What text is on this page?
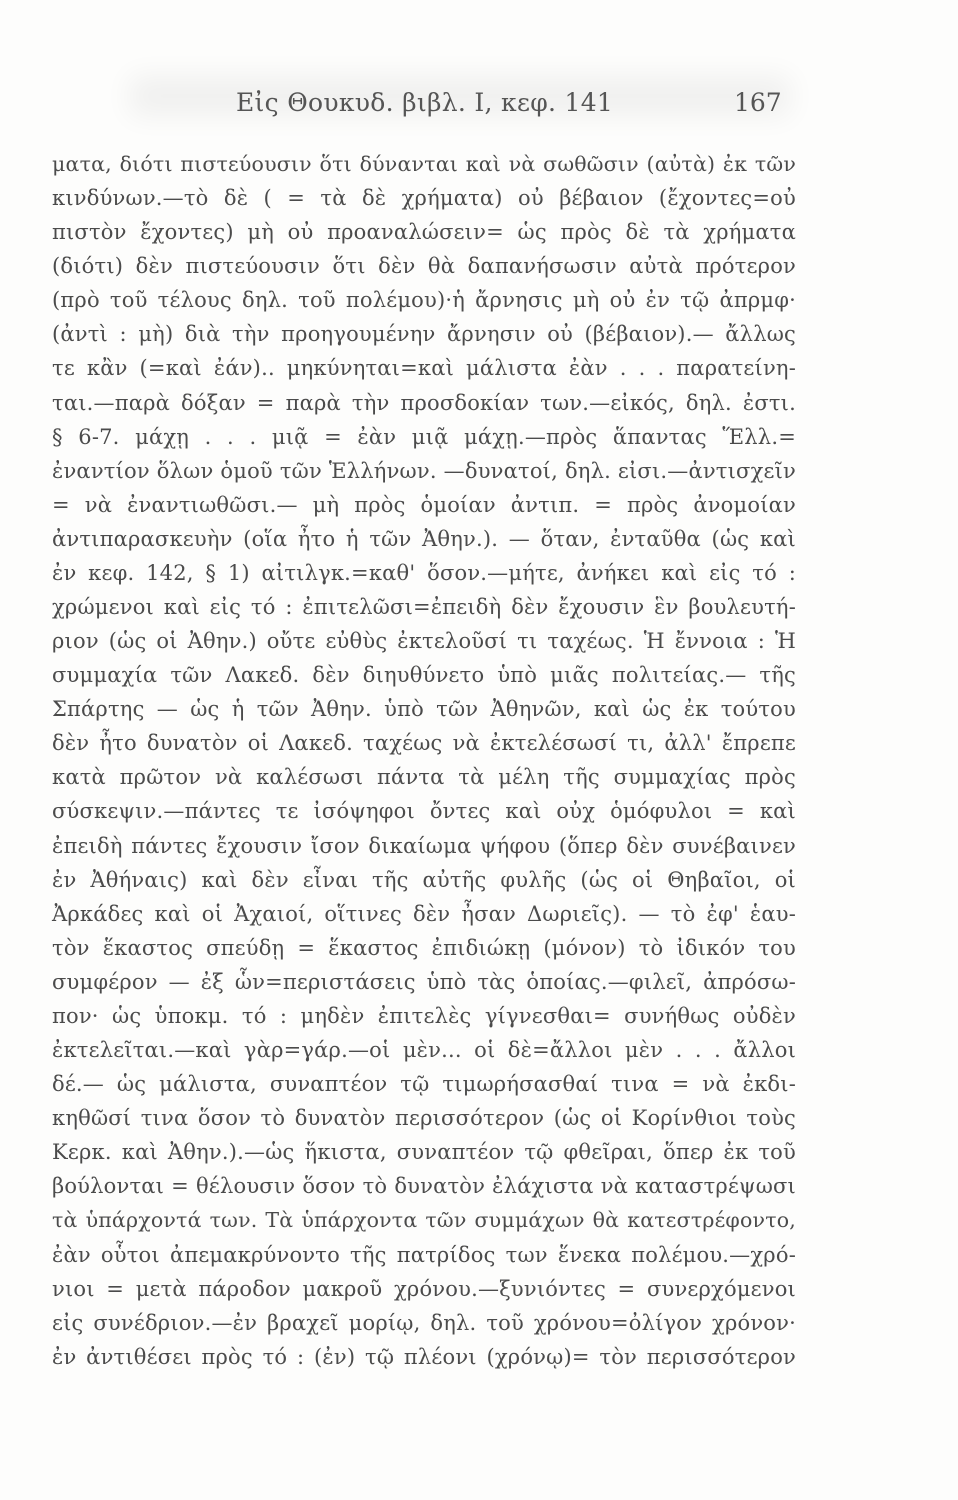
Εἰς Θουκυδ. βιβλ. Ι, κεφ. 141	167
ματα, διότι πιστεύουσιν ὅτι δύνανται καὶ νὰ σωθῶσιν (αὐτὰ) ἐκ τῶν
κινδύνων.—τὸ δὲ ( = τὰ δὲ χρήματα) οὐ βέβαιον (ἔχοντες=οὐ
πιστὸν ἔχοντες) μὴ οὐ προαναλώσειν= ὡς πρὸς δὲ τὰ χρήματα
(διότι) δὲν πιστεύουσιν ὅτι δὲν θὰ δαπανήσωσιν αὐτὰ πρότερον
(πρὸ τοῦ τέλους δηλ. τοῦ πολέμου)·ἡ ἄρνησις μὴ οὐ ἐν τῷ ἀπρμφ·
(ἀντὶ : μὴ) διὰ τὴν προηγουμένην ἄρνησιν οὐ (βέβαιον).— ἄλλως
τε κἂν (=καὶ ἐάν).. μηκύνηται=καὶ μάλιστα ἐὰν . . . παρατείνη-
ται.—παρὰ δόξαν = παρὰ τὴν προσδοκίαν των.—εἰκός, δηλ. ἐστι.
§ 6-7. μάχῃ . . . μιᾷ = ἐὰν μιᾷ μάχῃ.—πρὸς ἅπαντας Ἕλλ.=
ἐναντίον ὅλων ὁμοῦ τῶν Ἑλλήνων. —δυνατοί, δηλ. εἰσι.—ἀντισχεῖν
= νὰ ἐναντιωθῶσι.— μὴ πρὸς ὁμοίαν ἀντιπ. = πρὸς ἀνομοίαν
ἀντιπαρασκευὴν (οἵα ἦτο ἡ τῶν Ἀθην.). — ὅταν, ἐνταῦθα (ὡς καὶ
ἐν κεφ. 142, § 1) αἰτιλγκ.=καθ' ὅσον.—μήτε, ἀνήκει καὶ εἰς τό :
χρώμενοι καὶ εἰς τό : ἐπιτελῶσι=ἐπειδὴ δὲν ἔχουσιν ἓν βουλευτή-
ριον (ὡς οἱ Ἀθην.) οὔτε εὐθὺς ἐκτελοῦσί τι ταχέως. Ἡ ἔννοια : Ἡ
συμμαχία τῶν Λακεδ. δὲν διηυθύνετο ὑπὸ μιᾶς πολιτείας.— τῆς
Σπάρτης — ὡς ἡ τῶν Ἀθην. ὑπὸ τῶν Ἀθηνῶν, καὶ ὡς ἐκ τούτου
δὲν ἦτο δυνατὸν οἱ Λακεδ. ταχέως νὰ ἐκτελέσωσί τι, ἀλλ' ἔπρεπε
κατὰ πρῶτον νὰ καλέσωσι πάντα τὰ μέλη τῆς συμμαχίας πρὸς
σύσκεψιν.—πάντες τε ἰσόψηφοι ὄντες καὶ οὐχ ὁμόφυλοι = καὶ
ἐπειδὴ πάντες ἔχουσιν ἴσον δικαίωμα ψήφου (ὅπερ δὲν συνέβαινεν
ἐν Ἀθήναις) καὶ δὲν εἶναι τῆς αὐτῆς φυλῆς (ὡς οἱ Θηβαῖοι, οἱ
Ἀρκάδες καὶ οἱ Ἀχαιοί, οἵτινες δὲν ἦσαν Δωριεῖς). — τὸ ἐφ' ἑαυ-
τὸν ἕκαστος σπεύδῃ = ἕκαστος ἐπιδιώκῃ (μόνον) τὸ ἰδικόν του
συμφέρον — ἐξ ὧν=περιστάσεις ὑπὸ τὰς ὁποίας.—φιλεῖ, ἀπρόσω-
πον· ὡς ὑποκμ. τό : μηδὲν ἐπιτελὲς γίγνεσθαι= συνήθως οὐδὲν
ἐκτελεῖται.—καὶ γὰρ=γάρ.—οἱ μὲν... οἱ δὲ=ἄλλοι μὲν . . . ἄλλοι
δέ.— ὡς μάλιστα, συναπτέον τῷ τιμωρήσασθαί τινα = νὰ ἐκδι-
κηθῶσί τινα ὅσον τὸ δυνατὸν περισσότερον (ὡς οἱ Κορίνθιοι τοὺς
Κερκ. καὶ Ἀθην.).—ὡς ἥκιστα, συναπτέον τῷ φθεῖραι, ὅπερ ἐκ τοῦ
βούλονται = θέλουσιν ὅσον τὸ δυνατὸν ἐλάχιστα νὰ καταστρέψωσι
τὰ ὑπάρχοντά των. Τὰ ὑπάρχοντα τῶν συμμάχων θὰ κατεστρέφοντο,
ἐὰν οὗτοι ἀπεμακρύνοντο τῆς πατρίδος των ἕνεκα πολέμου.—χρό-
νιοι = μετὰ πάροδον μακροῦ χρόνου.—ξυνιόντες = συνερχόμενοι
εἰς συνέδριον.—ἐν βραχεῖ μορίῳ, δηλ. τοῦ χρόνου=ὀλίγον χρόνον·
ἐν ἀντιθέσει πρὸς τό : (ἐν) τῷ πλέονι (χρόνῳ)= τὸν περισσότερον
